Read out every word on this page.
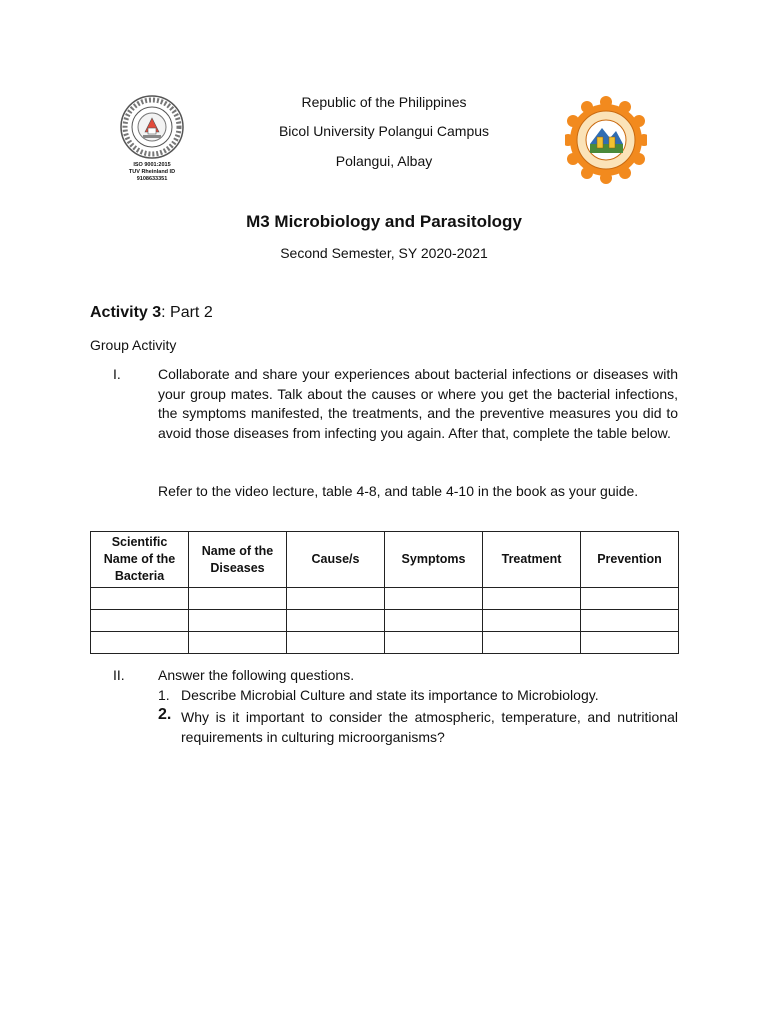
ISO 9001:2015
TUV Rheinland ID 9108633351
Republic of the Philippines
Bicol University Polangui Campus
Polangui, Albay
M3 Microbiology and Parasitology
Second Semester, SY 2020-2021
Activity 3: Part 2
Group Activity
I.	Collaborate and share your experiences about bacterial infections or diseases with your group mates. Talk about the causes or where you get the bacterial infections, the symptoms manifested, the treatments, and the preventive measures you did to avoid those diseases from infecting you again. After that, complete the table below.
Refer to the video lecture, table 4-8, and table 4-10 in the book as your guide.
Scientific Name of the Bacteria	Name of the Diseases	Cause/s	Symptoms	Treatment	Prevention

II. Answer the following questions.
1. Describe Microbial Culture and state its importance to Microbiology.
2. Why is it important to consider the atmospheric, temperature, and nutritional requirements in culturing microorganisms?
